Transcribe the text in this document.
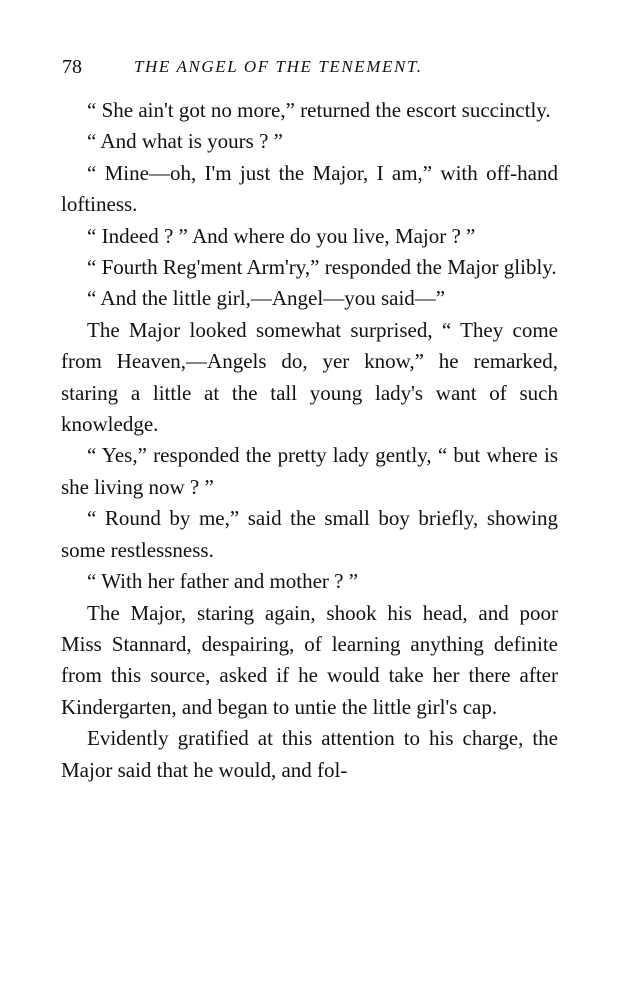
78	THE ANGEL OF THE TENEMENT.

“ She ain't got no more,” returned the escort succinctly.

“ And what is yours ? ”

“ Mine—oh, I'm just the Major, I am,” with off-hand loftiness.

“ Indeed ? ” And where do you live, Major ? ”

“ Fourth Reg'ment Arm'ry,” responded the Major glibly.

“ And the little girl,—Angel—you said—”

The Major looked somewhat surprised, “ They come from Heaven,—Angels do, yer know,” he remarked, staring a little at the tall young lady's want of such knowledge.

“ Yes,” responded the pretty lady gently, “ but where is she living now ? ”

“ Round by me,” said the small boy briefly, showing some restlessness.

“ With her father and mother ? ”

The Major, staring again, shook his head, and poor Miss Stannard, despairing, of learning anything definite from this source, asked if he would take her there after Kindergarten, and began to untie the little girl's cap.

Evidently gratified at this attention to his charge, the Major said that he would, and fol-
